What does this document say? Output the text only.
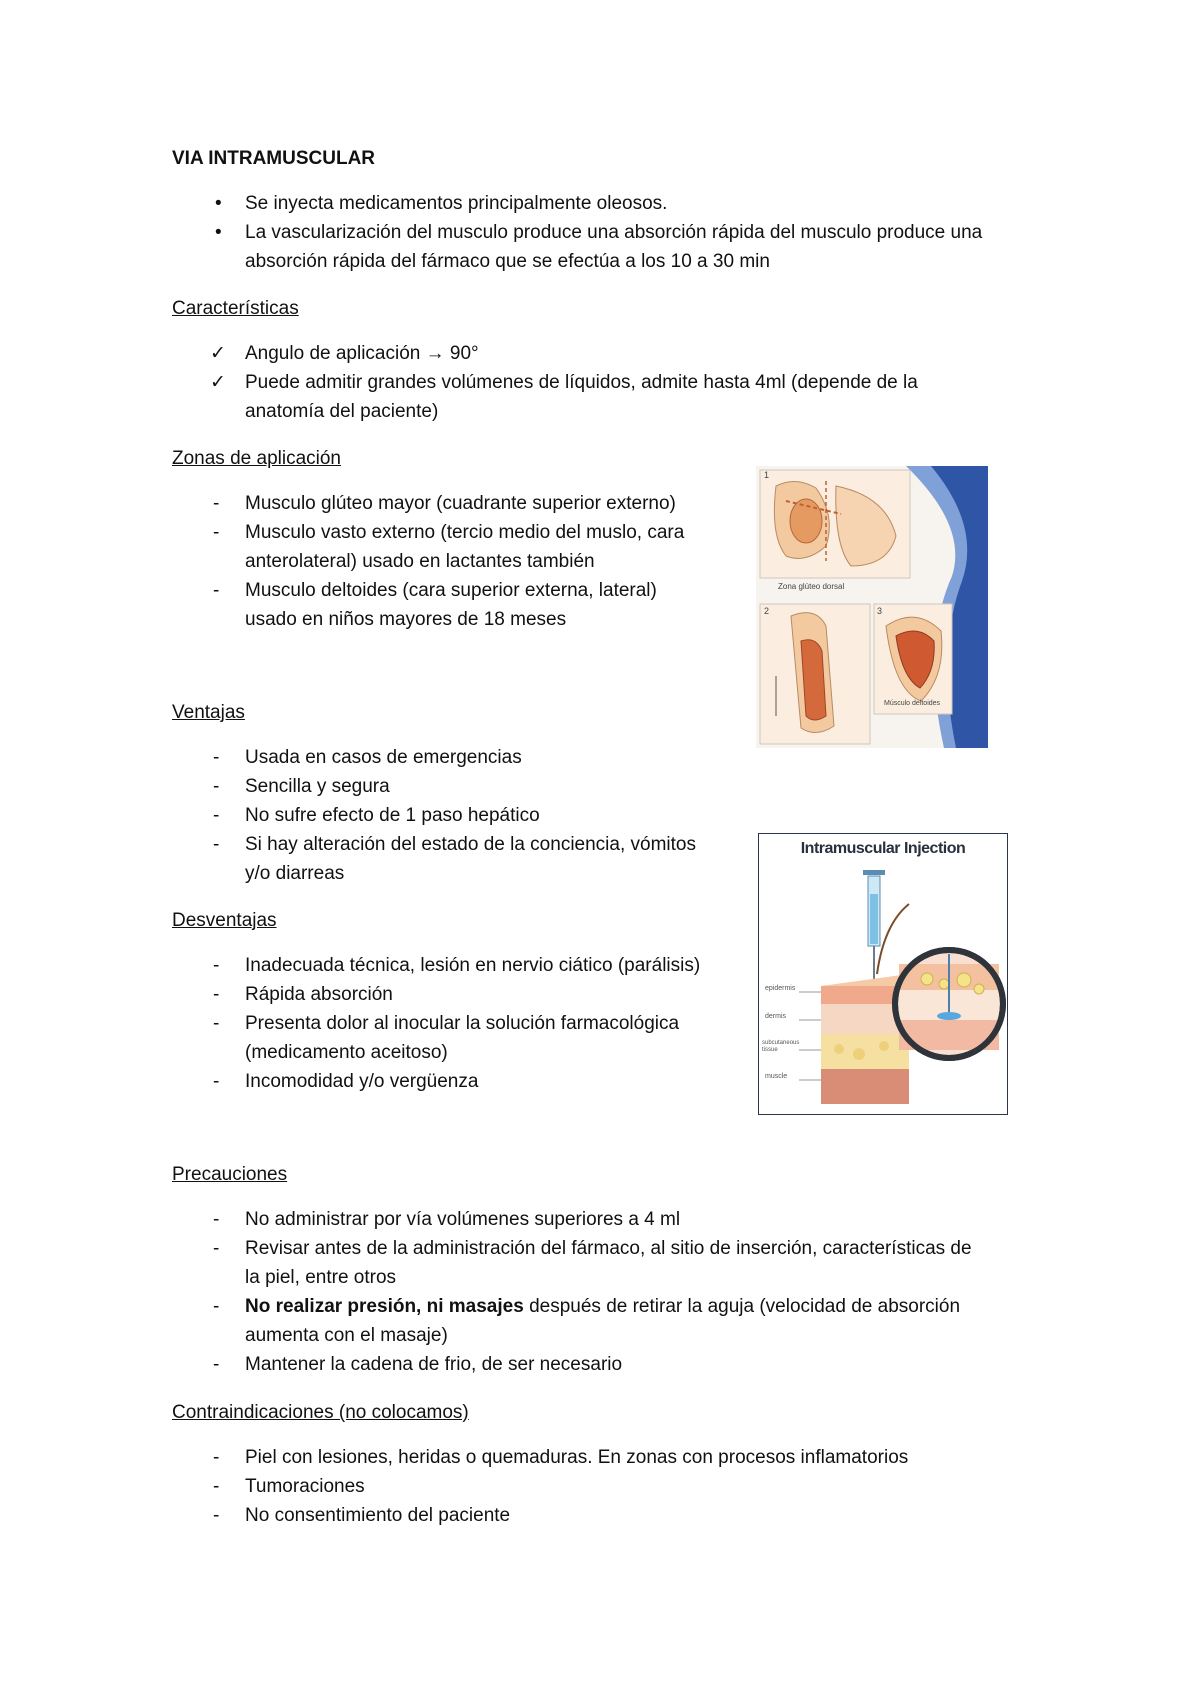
VIA INTRAMUSCULAR
• Se inyecta medicamentos principalmente oleosos.
• La vascularización del musculo produce una absorción rápida del musculo produce una
absorción rápida del fármaco que se efectúa a los 10 a 30 min
Características
✓ Angulo de aplicación → 90°
✓ Puede admitir grandes volúmenes de líquidos, admite hasta 4ml (depende de la
anatomía del paciente)
Zonas de aplicación
- Musculo glúteo mayor (cuadrante superior externo)
- Musculo vasto externo (tercio medio del muslo, cara
anterolateral) usado en lactantes también
- Musculo deltoides (cara superior externa, lateral)
usado en niños mayores de 18 meses
Ventajas
- Usada en casos de emergencias
- Sencilla y segura
- No sufre efecto de 1 paso hepático
- Si hay alteración del estado de la conciencia, vómitos
y/o diarreas
Desventajas
- Inadecuada técnica, lesión en nervio ciático (parálisis)
- Rápida absorción
- Presenta dolor al inocular la solución farmacológica
(medicamento aceitoso)
- Incomodidad y/o vergüenza
Precauciones
- No administrar por vía volúmenes superiores a 4 ml
- Revisar antes de la administración del fármaco, al sitio de inserción, características de
la piel, entre otros
- No realizar presión, ni masajes después de retirar la aguja (velocidad de absorción
aumenta con el masaje)
- Mantener la cadena de frio, de ser necesario
Contraindicaciones (no colocamos)
- Piel con lesiones, heridas o quemaduras. En zonas con procesos inflamatorios
- Tumoraciones
- No consentimiento del paciente
1
2	3
Zona glúteo dorsal
Músculo deltoides
Intramuscular Injection
epidermis
dermis
subcutaneous tissue
muscle
